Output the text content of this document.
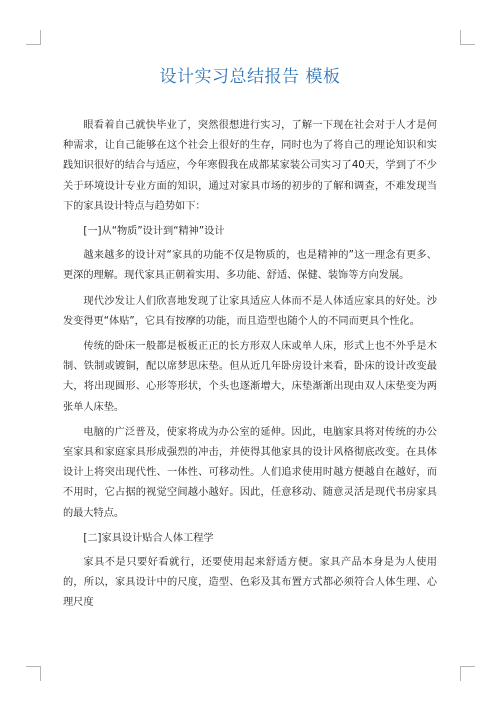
设计实习总结报告 模板

眼看着自己就快毕业了，突然很想进行实习，了解一下现在社会对于人才是何种需求，让自己能够在这个社会上很好的生存，同时也为了将自己的理论知识和实践知识很好的结合与适应，今年寒假我在成都某家装公司实习了40天，学到了不少关于环境设计专业方面的知识，通过对家具市场的初步的了解和调查，不难发现当下的家具设计特点与趋势如下：

[一]从“物质”设计到“精神”设计

越来越多的设计对“家具的功能不仅是物质的，也是精神的”这一理念有更多、更深的理解。现代家具正朝着实用、多功能、舒适、保健、装饰等方向发展。

现代沙发让人们欣喜地发现了让家具适应人体而不是人体适应家具的好处。沙发变得更“体贴”，它具有按摩的功能，而且造型也随个人的不同而更具个性化。

传统的卧床一般都是板板正正的长方形双人床或单人床，形式上也不外乎是木制、铁制或镀铜，配以席梦思床垫。但从近几年卧房设计来看，卧床的设计改变最大，将出现圆形、心形等形状，个头也逐渐增大，床垫渐渐出现由双人床垫变为两张单人床垫。

电脑的广泛普及，使家将成为办公室的延伸。因此，电脑家具将对传统的办公室家具和家庭家具形成强烈的冲击，并使得其他家具的设计风格彻底改变。在具体设计上将突出现代性、一体性、可移动性。人们追求使用时越方便越自在越好，而不用时，它占据的视觉空间越小越好。因此，任意移动、随意灵活是现代书房家具的最大特点。

[二]家具设计贴合人体工程学

家具不是只要好看就行，还要使用起来舒适方便。家具产品本身是为人使用的，所以，家具设计中的尺度，造型、色彩及其布置方式都必须符合人体生理、心理尺度
